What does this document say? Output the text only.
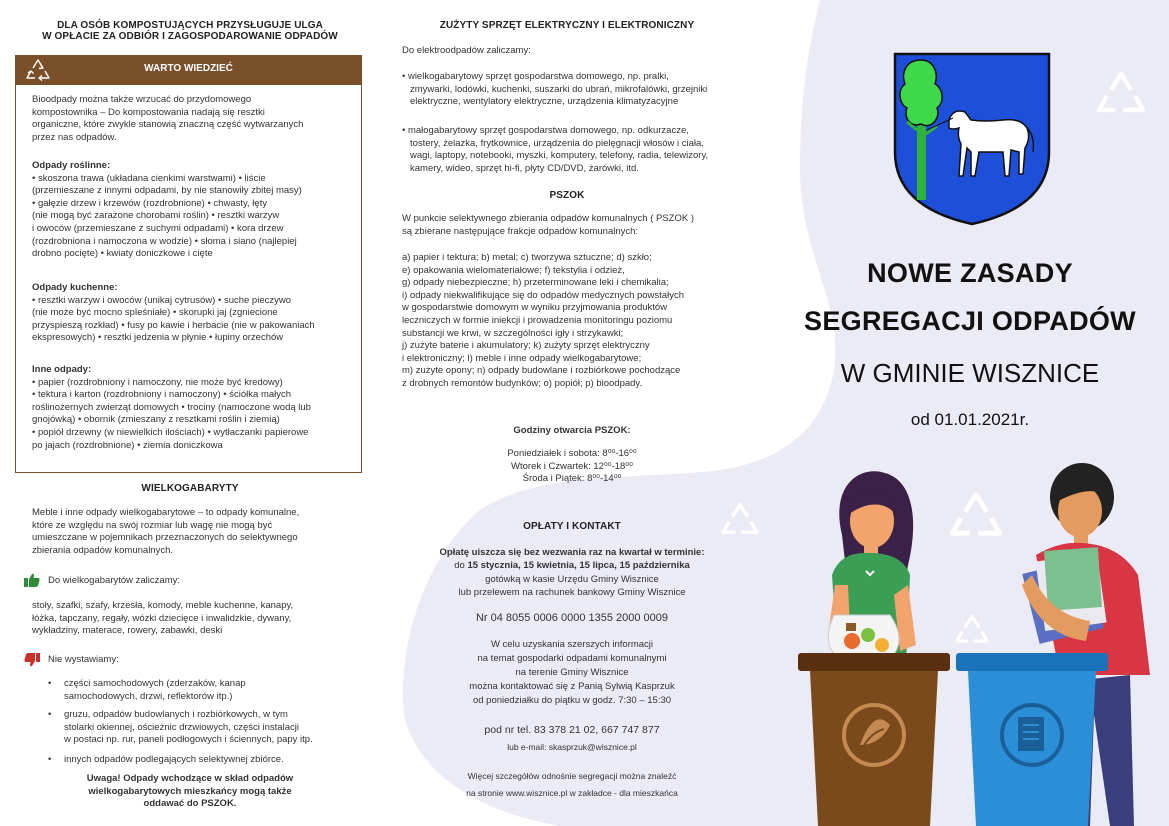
DLA OSÓB KOMPOSTUJĄCYCH PRZYSŁUGUJE ULGA
W OPŁACIE ZA ODBIÓR I ZAGOSPODAROWANIE ODPADÓW
WARTO WIEDZIEĆ
Bioodpady można także wrzucać do przydomowego
kompostownika – Do kompostowania nadają się resztki
organiczne, które zwykle stanowią znaczną część wytwarzanych
przez nas odpadów.
Odpady roślinne:
• skoszona trawa (układana cienkimi warstwami) • liście
(przemieszane z innymi odpadami, by nie stanowiły zbitej masy)
• gałęzie drzew i krzewów (rozdrobnione) • chwasty, łęty
(nie mogą być zarażone chorobami roślin) • resztki warzyw
i owoców (przemieszane z suchymi odpadami) • kora drzew
(rozdrobniona i namoczona w wodzie) • słoma i siano (najlepiej
drobno pocięte) • kwiaty doniczkowe i cięte
Odpady kuchenne:
• resztki warzyw i owoców (unikaj cytrusów) • suche pieczywo
(nie może być mocno spleśniałe) • skorupki jaj (zgniecione
przyspieszą rozkład) • fusy po kawie i herbacie (nie w pakowaniach
ekspresowych) • resztki jedzenia w płynie • łupiny orzechów
Inne odpady:
• papier (rozdrobniony i namoczony, nie może być kredowy)
• tektura i karton (rozdrobniony i namoczony) • ściółka małych
roślinożernych zwierząt domowych • trociny (namoczone wodą lub
gnojówką) • obornik (zmieszany z resztkami roślin i ziemią)
• popiół drzewny (w niewielkich ilościach) • wytłaczanki papierowe
po jajach (rozdrobnione) • ziemia doniczkowa
WIELKOGABARYTY
Meble i inne odpady wielkogabarytowe – to odpady komunalne,
które ze względu na swój rozmiar lub wagę nie mogą być
umieszczane w pojemnikach przeznaczonych do selektywnego
zbierania odpadów komunalnych.
Do wielkogabarytów zaliczamy:
stoły, szafki, szafy, krzesła, komody, meble kuchenne, kanapy,
łóżka, tapczany, regały, wózki dziecięce i inwalidzkie, dywany,
wykładziny, materace, rowery, zabawki, deski
Nie wystawiamy:
• części samochodowych (zderzaków, kanap
samochodowych, drzwi, reflektorów itp.)
• gruzu, odpadów budowlanych i rozbiórkowych, w tym
stolarki okiennej, ościeżnic drzwiowych, części instalacji
w postaci np. rur, paneli podłogowych i ściennych, papy itp.
• innych odpadów podlegających selektywnej zbiórce.
Uwaga! Odpady wchodzące w skład odpadów
wielkogabarytowych mieszkańcy mogą także
oddawać do PSZOK.
ZUŻYTY SPRZĘT ELEKTRYCZNY I ELEKTRONICZNY
Do elektroodpadów zaliczamy:
• wielkogabarytowy sprzęt gospodarstwa domowego, np. pralki,
zmywarki, lodówki, kuchenki, suszarki do ubrań, mikrofalówki, grzejniki
elektryczne, wentylatory elektryczne, urządzenia klimatyzacyjne
• małogabarytowy sprzęt gospodarstwa domowego, np. odkurzacze,
tostery, żelazka, frytkownice, urządzenia do pielęgnacji włosów i ciała,
wagi, laptopy, notebooki, myszki, komputery, telefony, radia, telewizory,
kamery, wideo, sprzęt hi-fi, płyty CD/DVD, żarówki, itd.
PSZOK
W punkcie selektywnego zbierania odpadów komunalnych ( PSZOK )
są zbierane następujące frakcje odpadów komunalnych:
a) papier i tektura; b) metal; c) tworzywa sztuczne; d) szkło;
e) opakowania wielomateriałowe; f) tekstylia i odzież,
g) odpady niebezpieczne; h) przeterminowane leki i chemikalia;
i) odpady niekwalifikujące się do odpadów medycznych powstałych
w gospodarstwie domowym w wyniku przyjmowania produktów
leczniczych w formie iniekcji i prowadzenia monitoringu poziomu
substancji we krwi, w szczególności igły i strzykawki;
j) zużyte baterie i akumulatory; k) zużyty sprzęt elektryczny
i elektroniczny; l) meble i inne odpady wielkogabarytowe;
m) zużyte opony; n) odpady budowlane i rozbiórkowe pochodzące
z drobnych remontów budynków; o) popiół; p) bioodpady.
Godziny otwarcia PSZOK:
Poniedziałek i sobota: 8⁰⁰-16⁰⁰
Wtorek i Czwartek: 12⁰⁰-18⁰⁰
Środa i Piątek: 8⁰⁰-14⁰⁰
OPŁATY I KONTAKT
Opłatę uiszcza się bez wezwania raz na kwartał w terminie:
do 15 stycznia, 15 kwietnia, 15 lipca, 15 października
gotówką w kasie Urzędu Gminy Wisznice
lub przelewem na rachunek bankowy Gminy Wisznice
Nr 04 8055 0006 0000 1355 2000 0009
W celu uzyskania szerszych informacji
na temat gospodarki odpadami komunalnymi
na terenie Gminy Wisznice
można kontaktować się z Panią Sylwią Kasprzuk
od poniedziałku do piątku w godz. 7:30 – 15:30
pod nr tel. 83 378 21 02, 667 747 877
lub e-mail: skasprzuk@wisznice.pl
Więcej szczegółów odnośnie segregacji można znaleźć
na stronie www.wisznice.pl w zakładce - dla mieszkańca
NOWE ZASADY
SEGREGACJI ODPADÓW
W GMINIE WISZNICE
od 01.01.2021r.
